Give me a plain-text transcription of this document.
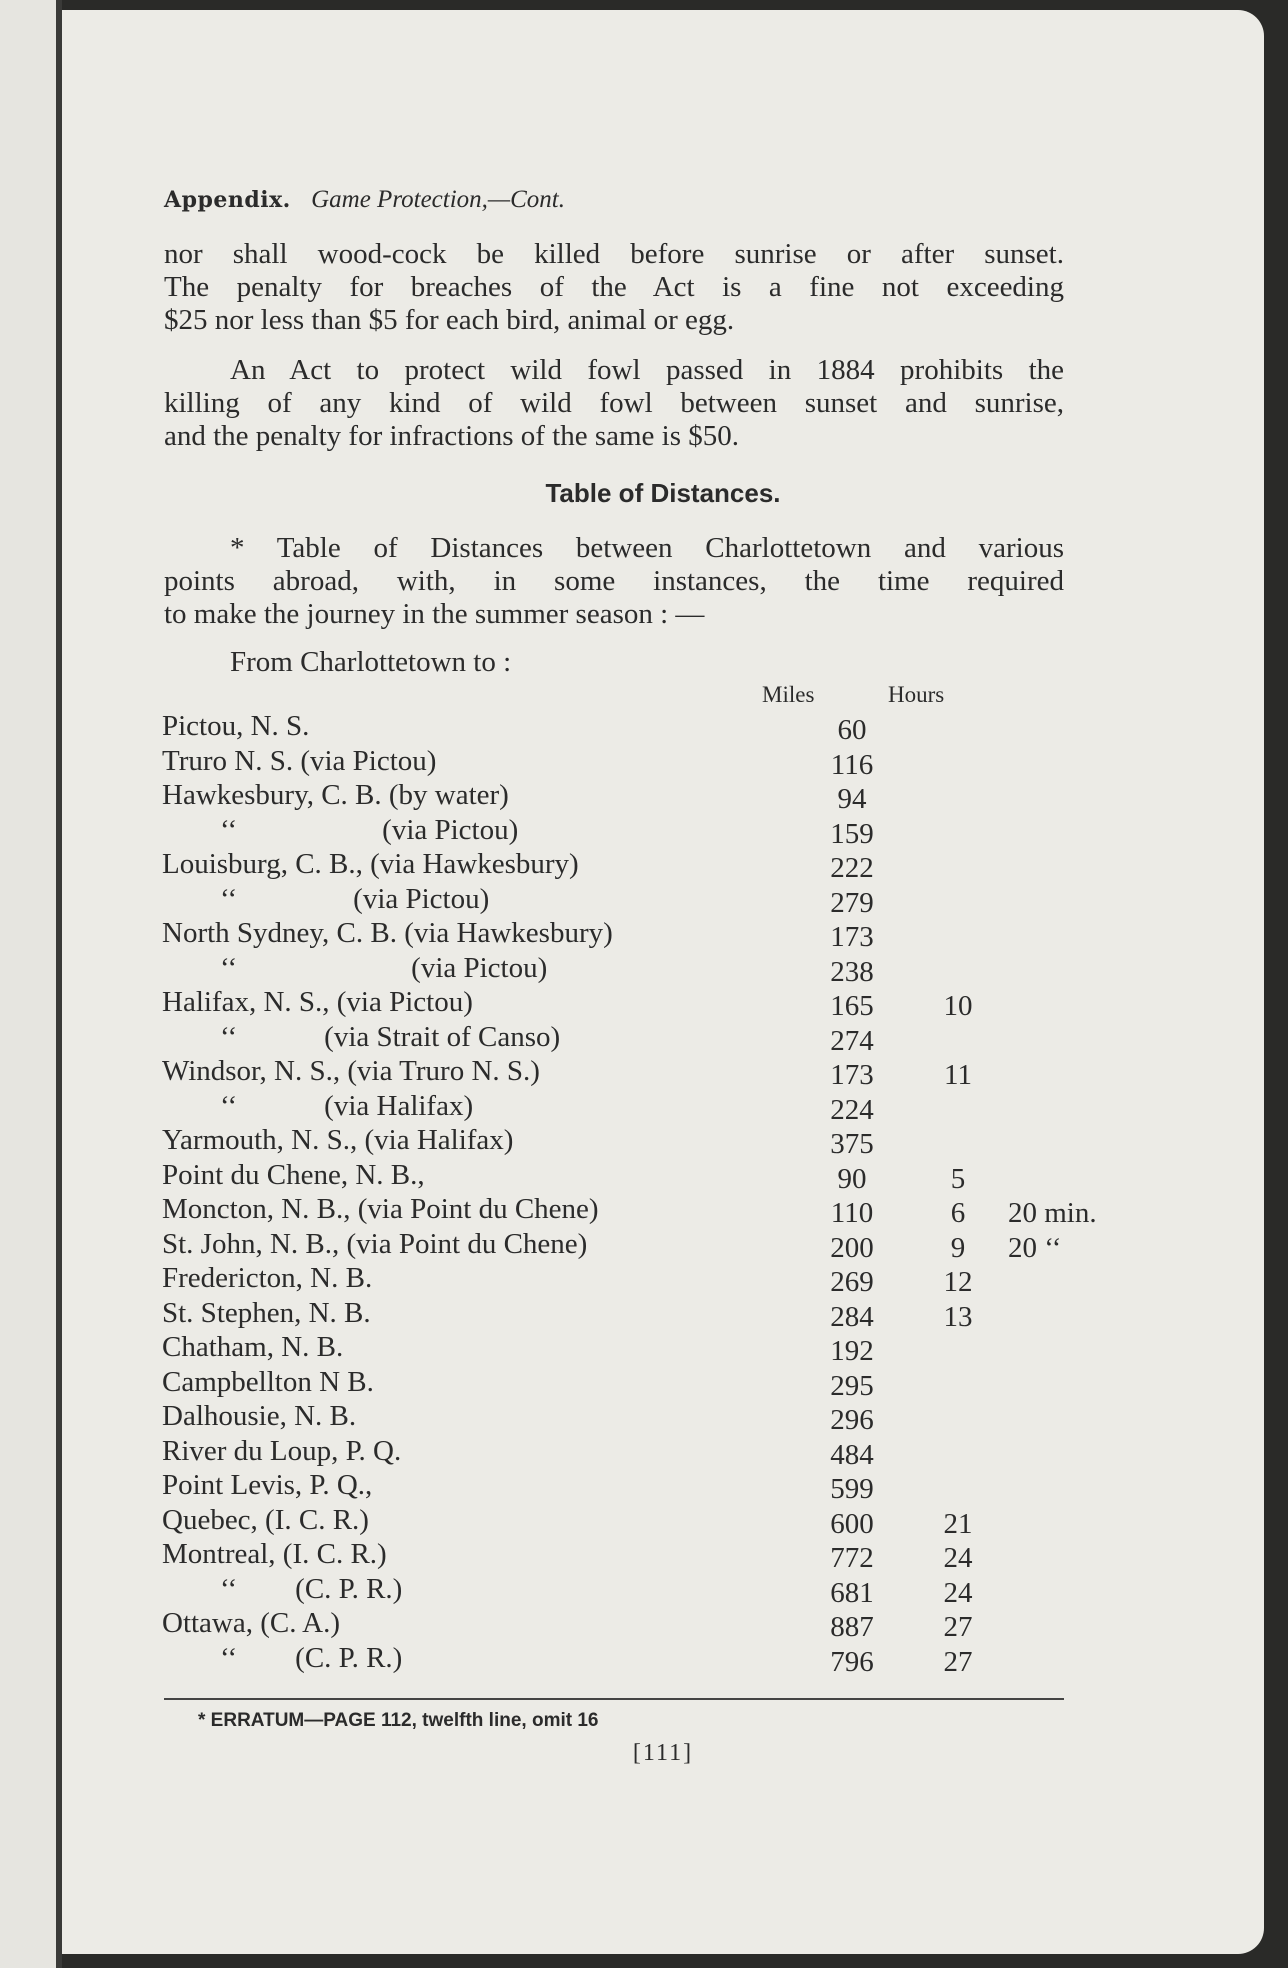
Appendix. Game Protection,—Cont.
nor shall wood-cock be killed before sunrise or after sunset.
The penalty for breaches of the Act is a fine not exceeding
$25 nor less than $5 for each bird, animal or egg.
An Act to protect wild fowl passed in 1884 prohibits the
killing of any kind of wild fowl between sunset and sunrise,
and the penalty for infractions of the same is $50.
Table of Distances.
* Table of Distances between Charlottetown and various
points abroad, with, in some instances, the time required
to make the journey in the summer season : —
From Charlottetown to :
Miles	Hours
Pictou, N. S.	60
Truro N. S. (via Pictou)	116
Hawkesbury, C. B. (by water)	94
  ‘‘     (via Pictou)	159
Louisburg, C. B., (via Hawkesbury)	222
  ‘‘    (via Pictou)	279
North Sydney, C. B. (via Hawkesbury)	173
  ‘‘      (via Pictou)	238
Halifax, N. S., (via Pictou)	165	10
  ‘‘   (via Strait of Canso)	274
Windsor, N. S., (via Truro N. S.)	173	11
  ‘‘   (via Halifax)	224
Yarmouth, N. S., (via Halifax)	375
Point du Chene, N. B.,	90	5
Moncton, N. B., (via Point du Chene)	110	6	20 min.
St. John, N. B., (via Point du Chene)	200	9	20 ‘‘
Fredericton, N. B.	269	12
St. Stephen, N. B.	284	13
Chatham, N. B.	192
Campbellton N B.	295
Dalhousie, N. B.	296
River du Loup, P. Q.	484
Point Levis, P. Q.,	599
Quebec, (I. C. R.)	600	21
Montreal, (I. C. R.)	772	24
  ‘‘  (C. P. R.)	681	24
Ottawa, (C. A.)	887	27
  ‘‘  (C. P. R.)	796	27
* ERRATUM—PAGE 112, twelfth line, omit 16
[111]
